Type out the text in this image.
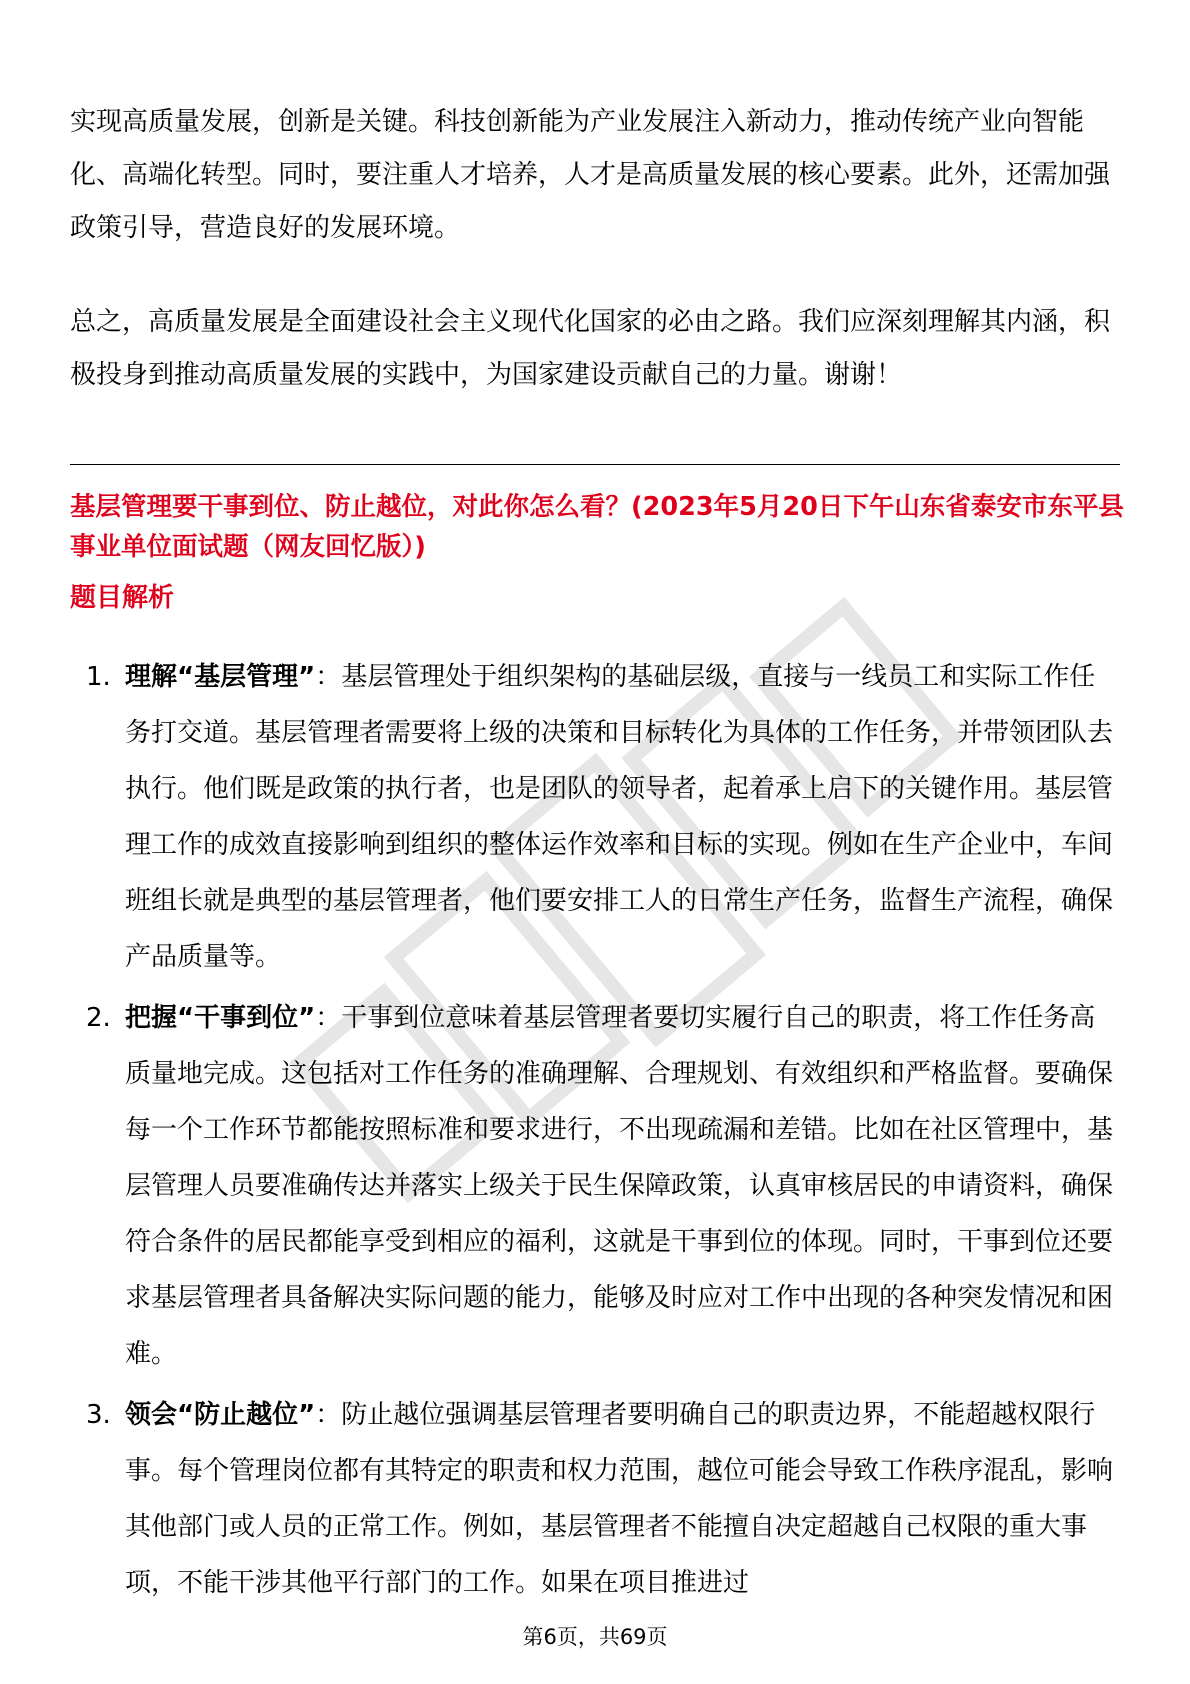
实现高质量发展，创新是关键。科技创新能为产业发展注入新动力，推动传统产业向智能化、高端化转型。同时，要注重人才培养，人才是高质量发展的核心要素。此外，还需加强政策引导，营造良好的发展环境。

总之，高质量发展是全面建设社会主义现代化国家的必由之路。我们应深刻理解其内涵，积极投身到推动高质量发展的实践中，为国家建设贡献自己的力量。谢谢！

基层管理要干事到位、防止越位，对此你怎么看？(2023年5月20日下午山东省泰安市东平县事业单位面试题（网友回忆版）)

题目解析

1. 理解“基层管理”：基层管理处于组织架构的基础层级，直接与一线员工和实际工作任务打交道。基层管理者需要将上级的决策和目标转化为具体的工作任务，并带领团队去执行。他们既是政策的执行者，也是团队的领导者，起着承上启下的关键作用。基层管理工作的成效直接影响到组织的整体运作效率和目标的实现。例如在生产企业中，车间班组长就是典型的基层管理者，他们要安排工人的日常生产任务，监督生产流程，确保产品质量等。
2. 把握“干事到位”：干事到位意味着基层管理者要切实履行自己的职责，将工作任务高质量地完成。这包括对工作任务的准确理解、合理规划、有效组织和严格监督。要确保每一个工作环节都能按照标准和要求进行，不出现疏漏和差错。比如在社区管理中，基层管理人员要准确传达并落实上级关于民生保障政策，认真审核居民的申请资料，确保符合条件的居民都能享受到相应的福利，这就是干事到位的体现。同时，干事到位还要求基层管理者具备解决实际问题的能力，能够及时应对工作中出现的各种突发情况和困难。
3. 领会“防止越位”：防止越位强调基层管理者要明确自己的职责边界，不能超越权限行事。每个管理岗位都有其特定的职责和权力范围，越位可能会导致工作秩序混乱，影响其他部门或人员的正常工作。例如，基层管理者不能擅自决定超越自己权限的重大事项，不能干涉其他平行部门的工作。如果在项目推进过
第6页，共69页
